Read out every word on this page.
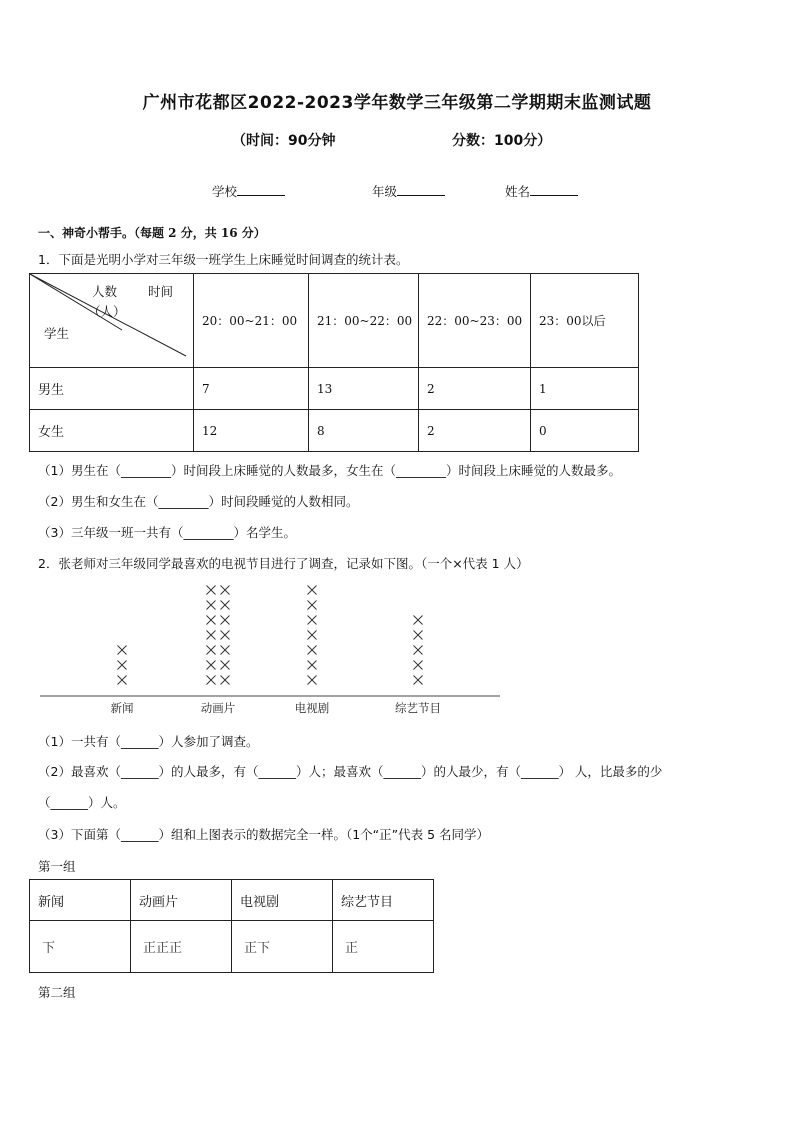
广州市花都区2022-2023学年数学三年级第二学期期末监测试题
（时间：90分钟	分数：100分）
学校	年级	姓名
一、神奇小帮手。（每题 2 分，共 16 分）
1．下面是光明小学对三年级一班学生上床睡觉时间调查的统计表。
人数
（人）
时间
学生	20：00~21：00	21：00~22：00	22：00~23：00	23：00以后
男生	7	13	2	1
女生	12	8	2	0
（1）男生在（________）时间段上床睡觉的人数最多，女生在（________）时间段上床睡觉的人数最多。
（2）男生和女生在（________）时间段睡觉的人数相同。
（3）三年级一班一共有（________）名学生。
2．张老师对三年级同学最喜欢的电视节目进行了调查，记录如下图。（一个×代表 1 人）
新闻	动画片	电视剧	综艺节目
（1）一共有（______）人参加了调查。
（2）最喜欢（______）的人最多，有（______）人；最喜欢（______）的人最少，有（______） 人，比最多的少
（______）人。
（3）下面第（______）组和上图表示的数据完全一样。（1个“正”代表 5 名同学）
第一组
新闻	动画片	电视剧	综艺节目
下	正正正	正下	正
第二组
